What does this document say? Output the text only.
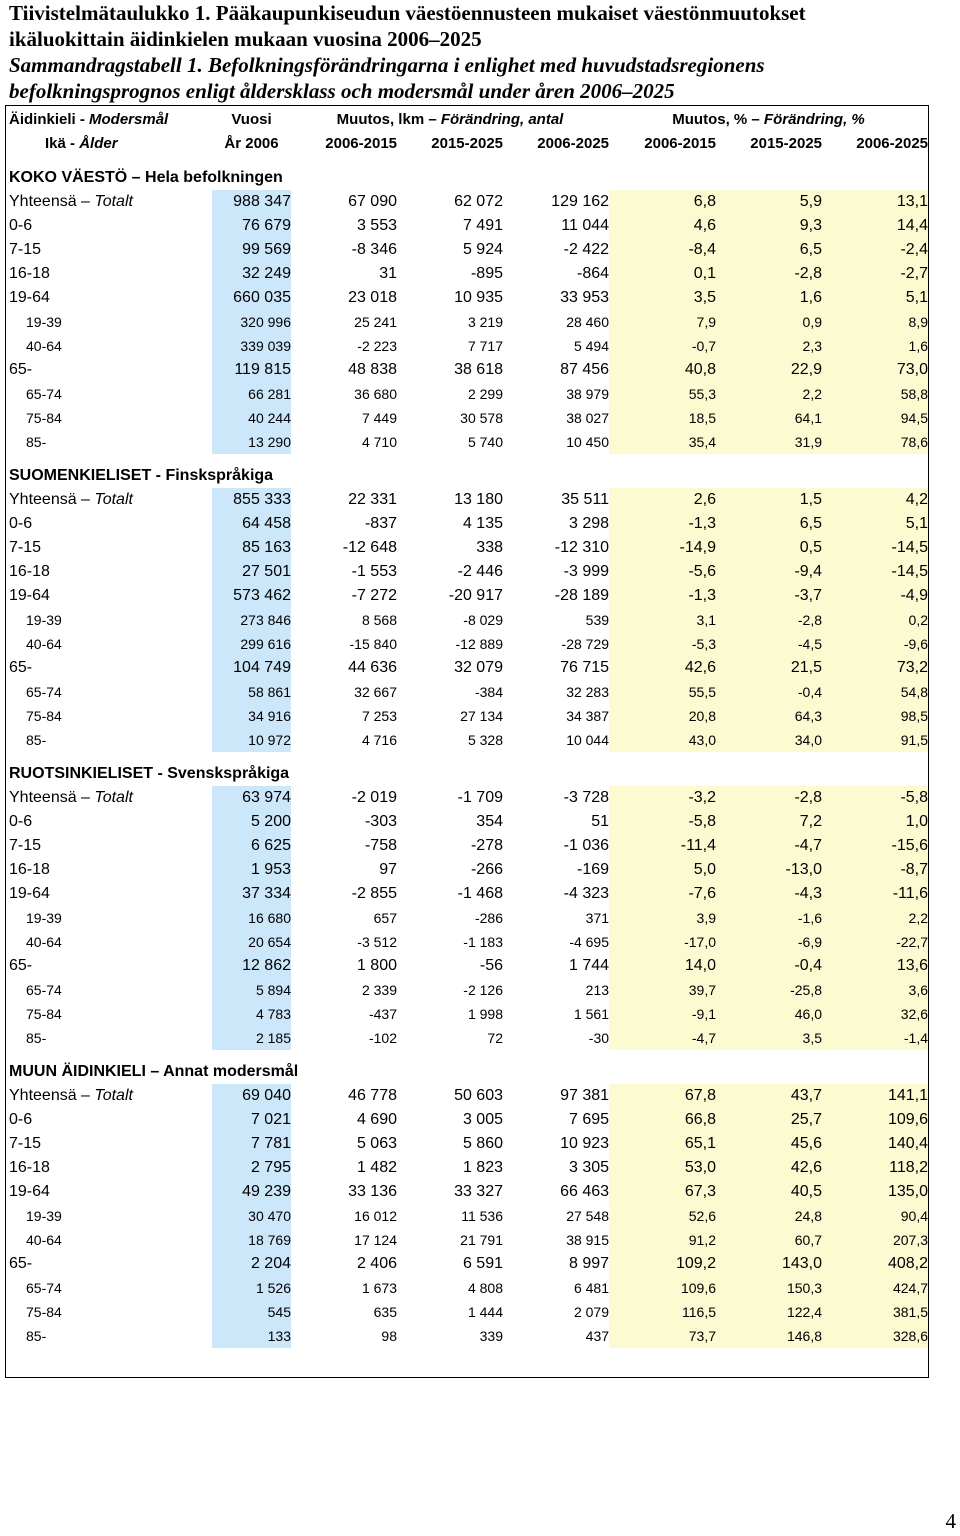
Tiivistelmätaulukko 1. Pääkaupunkiseudun väestöennusteen mukaiset väestönmuutokset
ikäluokittain äidinkielen mukaan vuosina 2006–2025
Sammandragstabell 1. Befolkningsförändringarna i enlighet med huvudstadsregionens
befolkningsprognos enligt åldersklass och modersmål under åren 2006–2025
Äidinkieli - Modersmål	Vuosi	Muutos, lkm – Förändring, antal			Muutos, % – Förändring, %		
Ikä - Ålder	År 2006	2006-2015	2015-2025	2006-2025	2006-2015	2015-2025	2006-2025
KOKO VÄESTÖ – Hela befolkningen							
Yhteensä – Totalt	988 347	67 090	62 072	129 162	6,8	5,9	13,1
0-6	76 679	3 553	7 491	11 044	4,6	9,3	14,4
7-15	99 569	-8 346	5 924	-2 422	-8,4	6,5	-2,4
16-18	32 249	31	-895	-864	0,1	-2,8	-2,7
19-64	660 035	23 018	10 935	33 953	3,5	1,6	5,1
19-39	320 996	25 241	3 219	28 460	7,9	0,9	8,9
40-64	339 039	-2 223	7 717	5 494	-0,7	2,3	1,6
65-	119 815	48 838	38 618	87 456	40,8	22,9	73,0
65-74	66 281	36 680	2 299	38 979	55,3	2,2	58,8
75-84	40 244	7 449	30 578	38 027	18,5	64,1	94,5
85-	13 290	4 710	5 740	10 450	35,4	31,9	78,6
SUOMENKIELISET - Finskspråkiga							
Yhteensä – Totalt	855 333	22 331	13 180	35 511	2,6	1,5	4,2
0-6	64 458	-837	4 135	3 298	-1,3	6,5	5,1
7-15	85 163	-12 648	338	-12 310	-14,9	0,5	-14,5
16-18	27 501	-1 553	-2 446	-3 999	-5,6	-9,4	-14,5
19-64	573 462	-7 272	-20 917	-28 189	-1,3	-3,7	-4,9
19-39	273 846	8 568	-8 029	539	3,1	-2,8	0,2
40-64	299 616	-15 840	-12 889	-28 729	-5,3	-4,5	-9,6
65-	104 749	44 636	32 079	76 715	42,6	21,5	73,2
65-74	58 861	32 667	-384	32 283	55,5	-0,4	54,8
75-84	34 916	7 253	27 134	34 387	20,8	64,3	98,5
85-	10 972	4 716	5 328	10 044	43,0	34,0	91,5
RUOTSINKIELISET - Svenskspråkiga							
Yhteensä – Totalt	63 974	-2 019	-1 709	-3 728	-3,2	-2,8	-5,8
0-6	5 200	-303	354	51	-5,8	7,2	1,0
7-15	6 625	-758	-278	-1 036	-11,4	-4,7	-15,6
16-18	1 953	97	-266	-169	5,0	-13,0	-8,7
19-64	37 334	-2 855	-1 468	-4 323	-7,6	-4,3	-11,6
19-39	16 680	657	-286	371	3,9	-1,6	2,2
40-64	20 654	-3 512	-1 183	-4 695	-17,0	-6,9	-22,7
65-	12 862	1 800	-56	1 744	14,0	-0,4	13,6
65-74	5 894	2 339	-2 126	213	39,7	-25,8	3,6
75-84	4 783	-437	1 998	1 561	-9,1	46,0	32,6
85-	2 185	-102	72	-30	-4,7	3,5	-1,4
MUUN ÄIDINKIELI – Annat modersmål							
Yhteensä – Totalt	69 040	46 778	50 603	97 381	67,8	43,7	141,1
0-6	7 021	4 690	3 005	7 695	66,8	25,7	109,6
7-15	7 781	5 063	5 860	10 923	65,1	45,6	140,4
16-18	2 795	1 482	1 823	3 305	53,0	42,6	118,2
19-64	49 239	33 136	33 327	66 463	67,3	40,5	135,0
19-39	30 470	16 012	11 536	27 548	52,6	24,8	90,4
40-64	18 769	17 124	21 791	38 915	91,2	60,7	207,3
65-	2 204	2 406	6 591	8 997	109,2	143,0	408,2
65-74	1 526	1 673	4 808	6 481	109,6	150,3	424,7
75-84	545	635	1 444	2 079	116,5	122,4	381,5
85-	133	98	339	437	73,7	146,8	328,6
4
